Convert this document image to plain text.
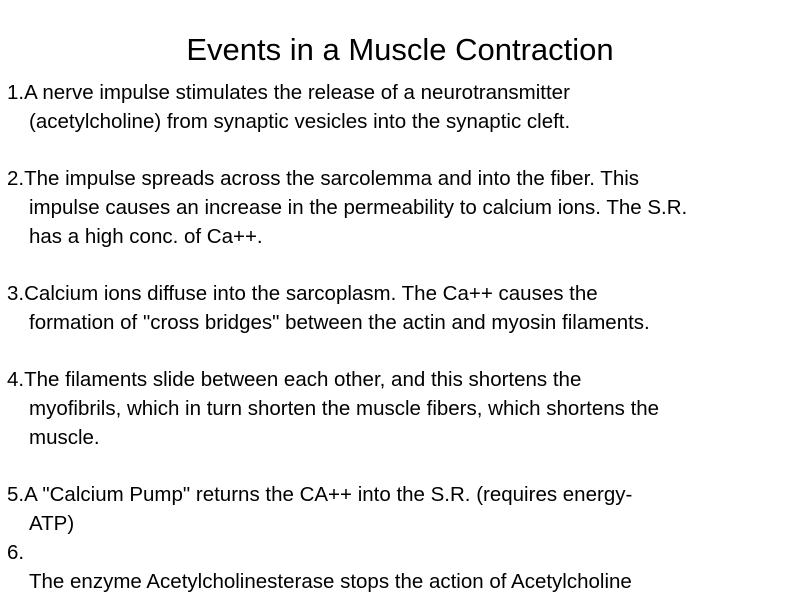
Events in a Muscle Contraction
1.A nerve impulse stimulates the release of a neurotransmitter
(acetylcholine) from synaptic vesicles into the synaptic cleft.
2.The impulse spreads across the sarcolemma and into the fiber. This
impulse causes an increase in the permeability to calcium ions. The S.R.
has a high conc. of Ca++.
3.Calcium ions diffuse into the sarcoplasm. The Ca++ causes the
formation of "cross bridges" between the actin and myosin filaments.
4.The filaments slide between each other, and this shortens the
myofibrils, which in turn shorten the muscle fibers, which shortens the
muscle.
5.A "Calcium Pump" returns the CA++ into the S.R. (requires energy-
ATP)
6.
The enzyme Acetylcholinesterase stops the action of Acetylcholine
